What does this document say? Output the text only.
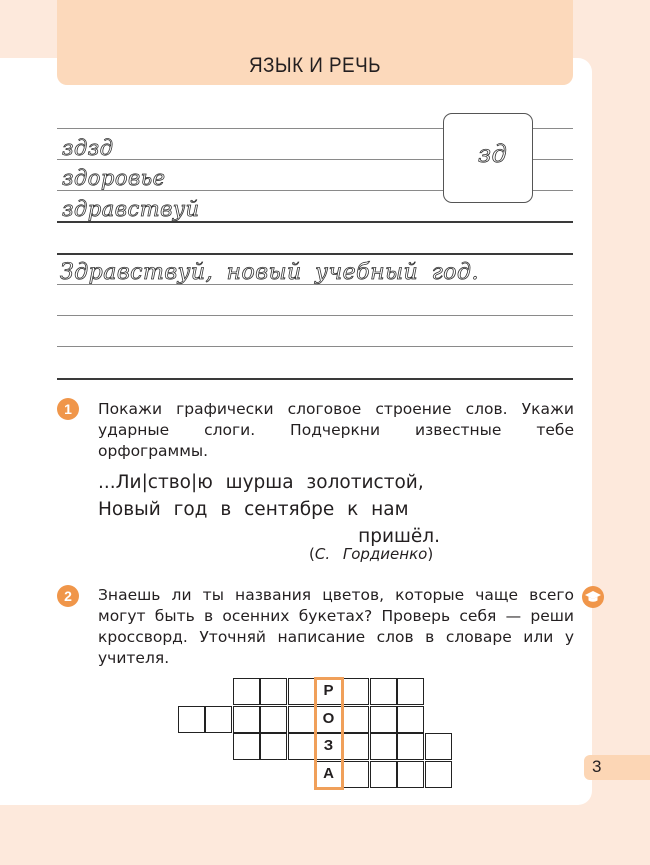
ЯЗЫК И РЕЧЬ
зд
здзд
здоровье
здравствуй
Здравствуй, новый учебный год.
1	Покажи графически слоговое строение слов. Укажи ударные слоги. Подчеркни известные тебе орфограммы.
...Ли|ство|ю шурша золотистой,
Новый год в сентябре к нам
пришёл.
(С. Гордиенко)
2	Знаешь ли ты названия цветов, которые чаще всего могут быть в осенних букетах? Проверь себя — реши кроссворд. Уточняй написание слов в словаре или у учителя.
Р
О
З
А	3
